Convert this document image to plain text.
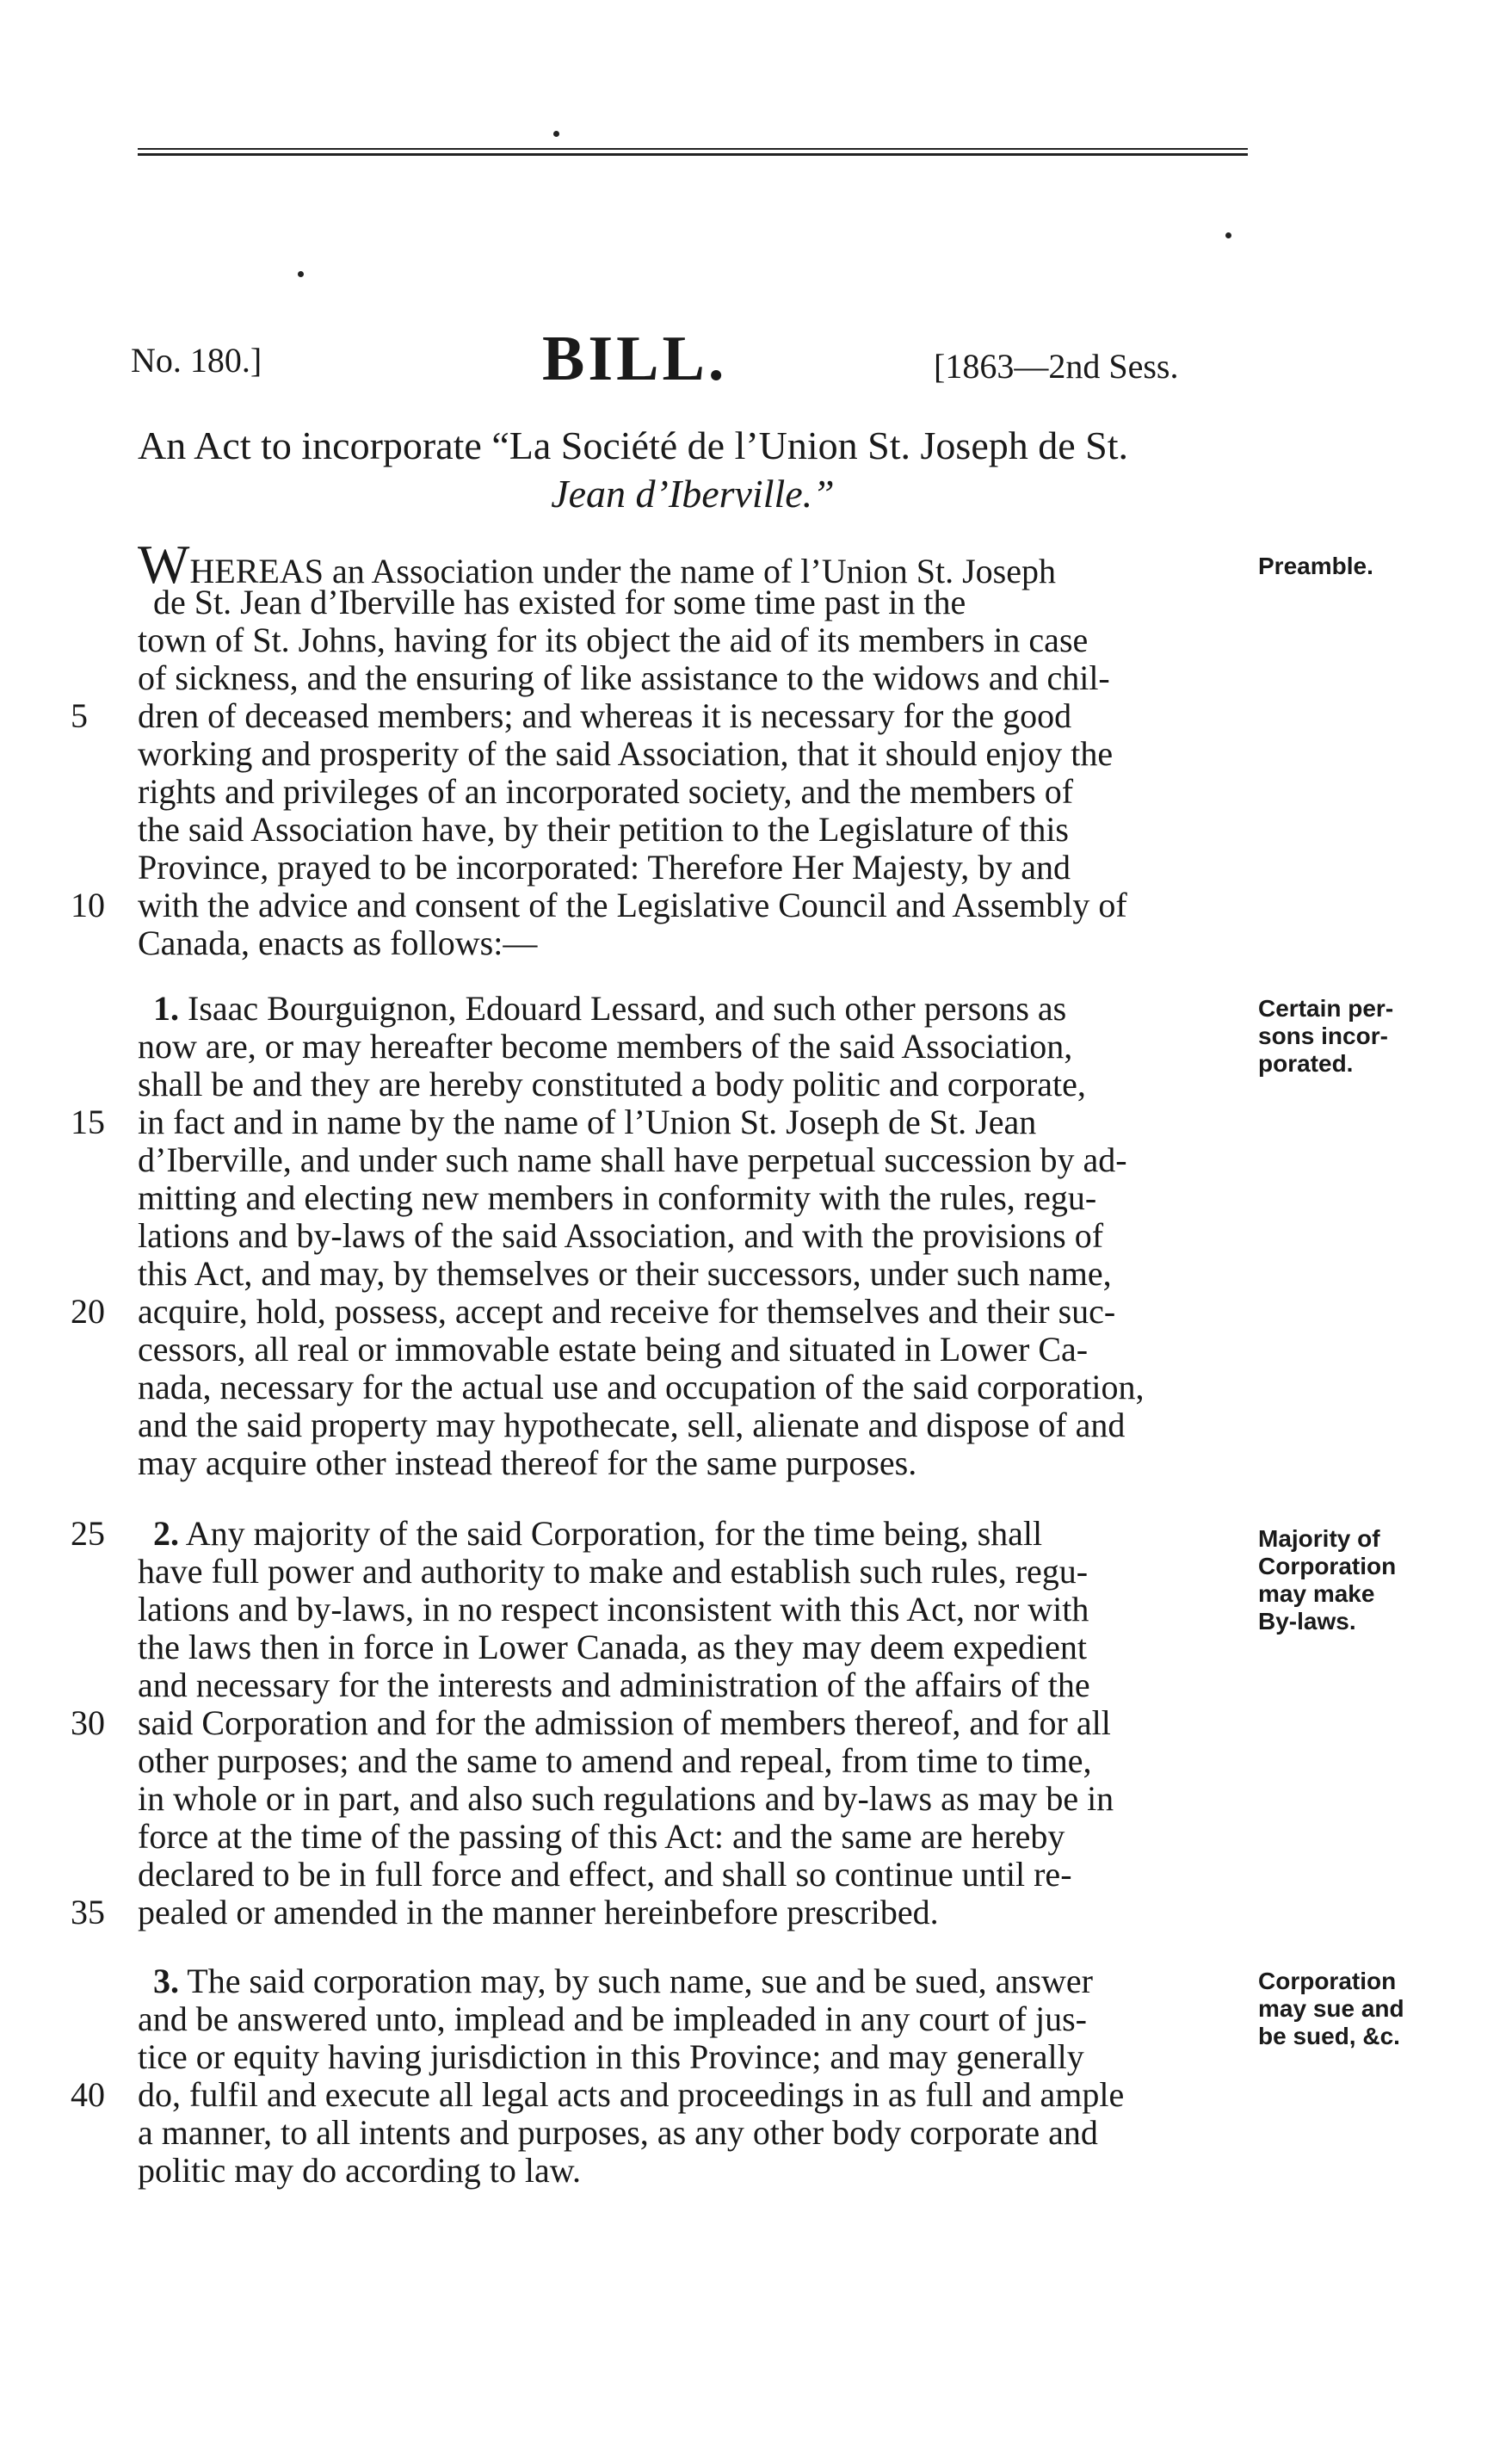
No. 180.]	BILL.	[1863—2nd Sess.
An Act to incorporate “La Société de l’Union St. Joseph de St.
Jean d’Iberville.”
WHEREAS an Association under the name of l’Union St. Joseph
de St. Jean d’Iberville has existed for some time past in the
town of St. Johns, having for its object the aid of its members in case
of sickness, and the ensuring of like assistance to the widows and chil-
dren of deceased members; and whereas it is necessary for the good
working and prosperity of the said Association, that it should enjoy the
rights and privileges of an incorporated society, and the members of
the said Association have, by their petition to the Legislature of this
Province, prayed to be incorporated: Therefore Her Majesty, by and
with the advice and consent of the Legislative Council and Assembly of
Canada, enacts as follows:—
1. Isaac Bourguignon, Edouard Lessard, and such other persons as
now are, or may hereafter become members of the said Association,
shall be and they are hereby constituted a body politic and corporate,
in fact and in name by the name of l’Union St. Joseph de St. Jean
d’Iberville, and under such name shall have perpetual succession by ad-
mitting and electing new members in conformity with the rules, regu-
lations and by-laws of the said Association, and with the provisions of
this Act, and may, by themselves or their successors, under such name,
acquire, hold, possess, accept and receive for themselves and their suc-
cessors, all real or immovable estate being and situated in Lower Ca-
nada, necessary for the actual use and occupation of the said corporation,
and the said property may hypothecate, sell, alienate and dispose of and
may acquire other instead thereof for the same purposes.
2. Any majority of the said Corporation, for the time being, shall
have full power and authority to make and establish such rules, regu-
lations and by-laws, in no respect inconsistent with this Act, nor with
the laws then in force in Lower Canada, as they may deem expedient
and necessary for the interests and administration of the affairs of the
said Corporation and for the admission of members thereof, and for all
other purposes; and the same to amend and repeal, from time to time,
in whole or in part, and also such regulations and by-laws as may be in
force at the time of the passing of this Act: and the same are hereby
declared to be in full force and effect, and shall so continue until re-
pealed or amended in the manner hereinbefore prescribed.
3. The said corporation may, by such name, sue and be sued, answer
and be answered unto, implead and be impleaded in any court of jus-
tice or equity having jurisdiction in this Province; and may generally
do, fulfil and execute all legal acts and proceedings in as full and ample
a manner, to all intents and purposes, as any other body corporate and
politic may do according to law.
5
10
15
20
25
30
35
40
Preamble.
Certain per-
sons incor-
porated.
Majority of
Corporation
may make
By-laws.
Corporation
may sue and
be sued, &c.
